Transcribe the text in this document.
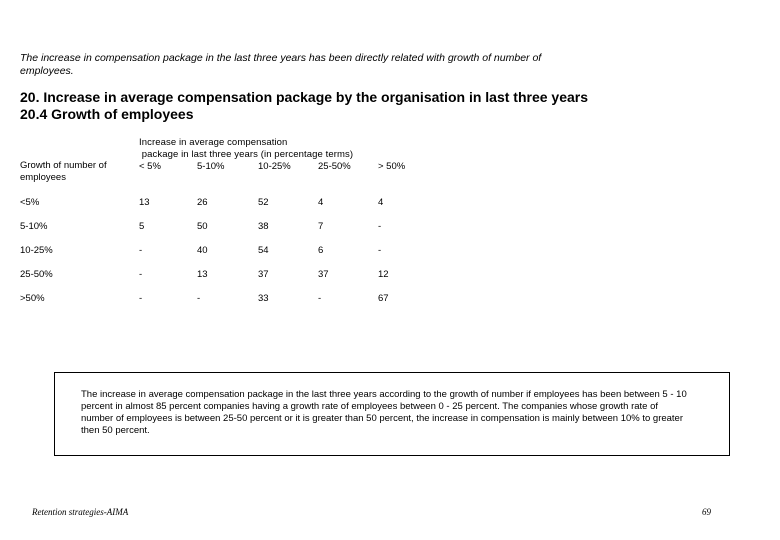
The increase in compensation package in the last three years has been directly related with growth of number of
employees.
20. Increase in average compensation package by the organisation in last three years
20.4 Growth of employees
Increase in average compensation
package in last three years (in percentage terms)
Growth of number of
employees
< 5%	5-10%	10-25%	25-50%	> 50%
<5%	13	26	52	4	4
5-10%	5	50	38	7	-
10-25%	-	40	54	6	-
25-50%	-	13	37	37	12
>50%	-	-	33	-	67
The increase in average compensation package in the last three years according to the growth of number if employees has been between 5 - 10
percent in almost 85 percent companies having a growth rate of employees between 0 - 25 percent. The companies whose growth rate of
number of employees is between 25-50 percent or it is greater than 50 percent, the increase in compensation is mainly between 10% to greater
then 50 percent.
Retention strategies-AIMA	69
